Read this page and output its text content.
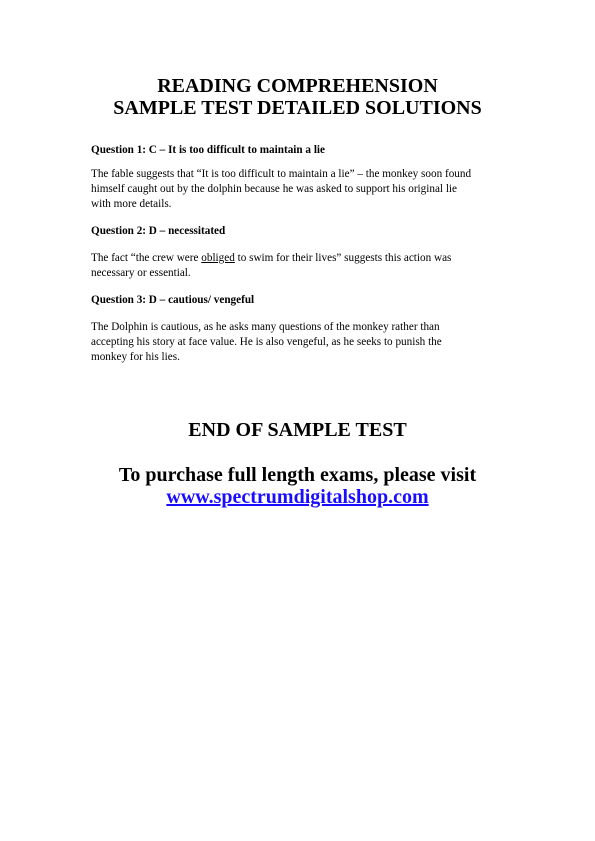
READING COMPREHENSION
SAMPLE TEST DETAILED SOLUTIONS
Question 1: C – It is too difficult to maintain a lie
The fable suggests that “It is too difficult to maintain a lie” – the monkey soon found
himself caught out by the dolphin because he was asked to support his original lie
with more details.
Question 2: D – necessitated
The fact “the crew were obliged to swim for their lives” suggests this action was
necessary or essential.
Question 3: D – cautious/ vengeful
The Dolphin is cautious, as he asks many questions of the monkey rather than
accepting his story at face value. He is also vengeful, as he seeks to punish the
monkey for his lies.
END OF SAMPLE TEST
To purchase full length exams, please visit
www.spectrumdigitalshop.com
